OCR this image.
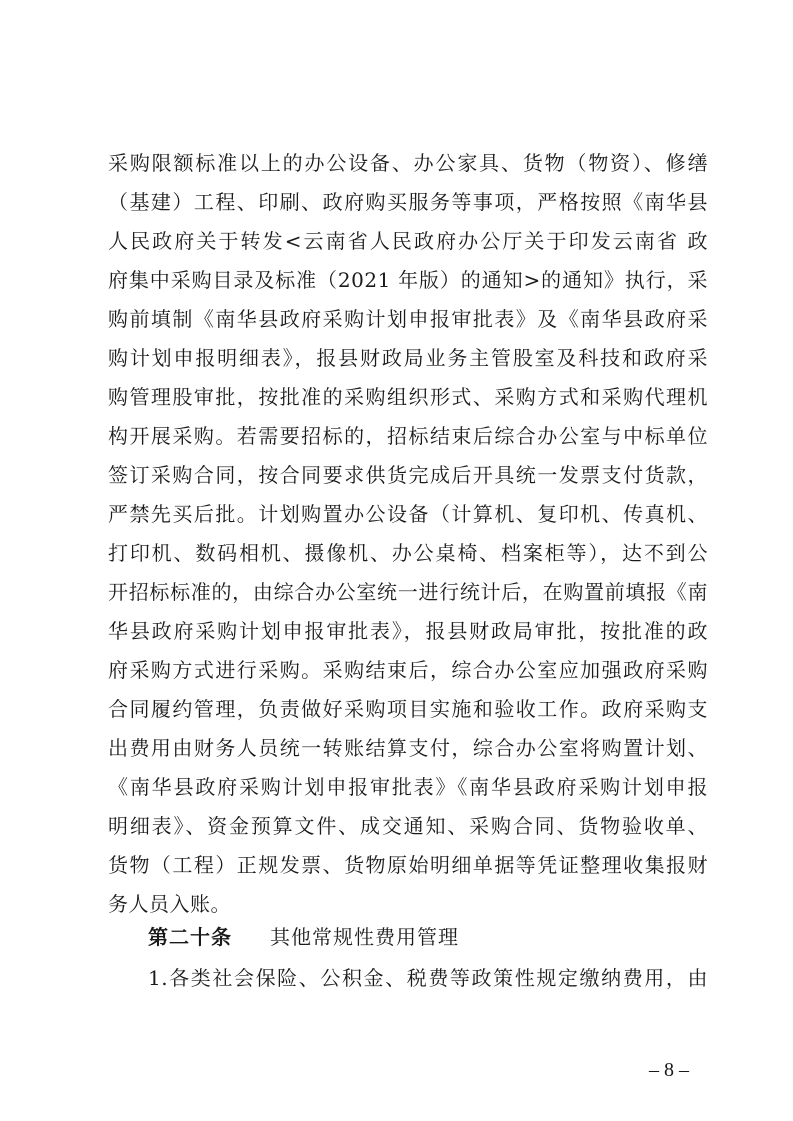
采购限额标准以上的办公设备、办公家具、货物（物资）、修缮
（基建）工程、印刷、政府购买服务等事项，严格按照《南华县
人民政府关于转发<云南省人民政府办公厅关于印发云南省 政
府集中采购目录及标准（2021 年版）的通知>的通知》执行，采
购前填制《南华县政府采购计划申报审批表》及《南华县政府采
购计划申报明细表》，报县财政局业务主管股室及科技和政府采
购管理股审批，按批准的采购组织形式、采购方式和采购代理机
构开展采购。若需要招标的，招标结束后综合办公室与中标单位
签订采购合同，按合同要求供货完成后开具统一发票支付货款，
严禁先买后批。计划购置办公设备（计算机、复印机、传真机、
打印机、数码相机、摄像机、办公桌椅、档案柜等），达不到公
开招标标准的，由综合办公室统一进行统计后，在购置前填报《南
华县政府采购计划申报审批表》，报县财政局审批，按批准的政
府采购方式进行采购。采购结束后，综合办公室应加强政府采购
合同履约管理，负责做好采购项目实施和验收工作。政府采购支
出费用由财务人员统一转账结算支付，综合办公室将购置计划、
《南华县政府采购计划申报审批表》《南华县政府采购计划申报
明细表》、资金预算文件、成交通知、采购合同、货物验收单、
货物（工程）正规发票、货物原始明细单据等凭证整理收集报财
务人员入账。
第二十条 其他常规性费用管理
1.各类社会保险、公积金、税费等政策性规定缴纳费用，由
– 8 –
